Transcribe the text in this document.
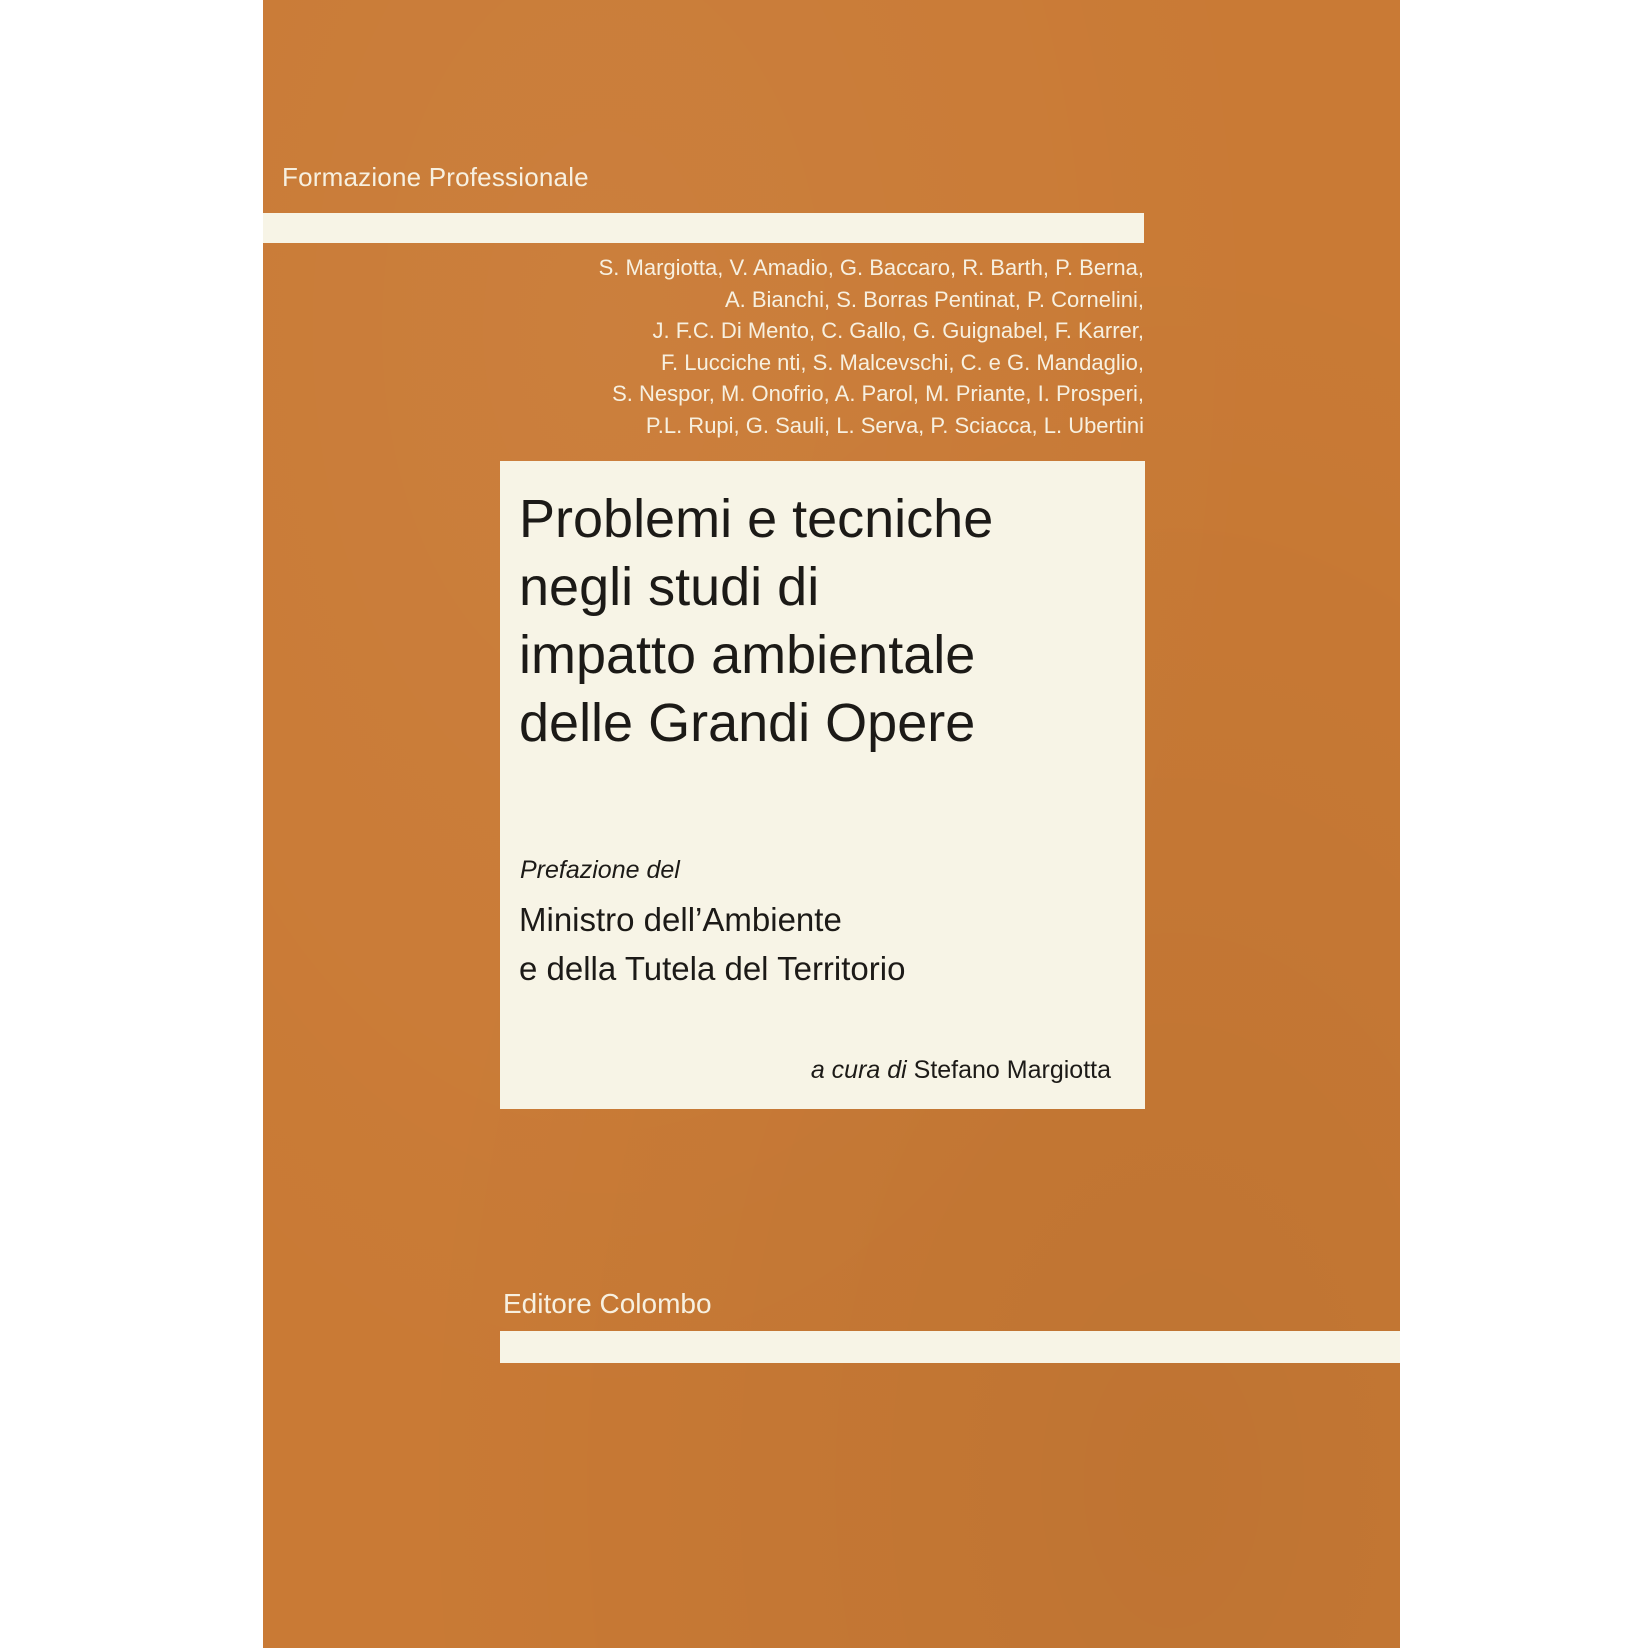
Formazione Professionale
S. Margiotta, V. Amadio, G. Baccaro, R. Barth, P. Berna,
A. Bianchi, S. Borras Pentinat, P. Cornelini,
J. F.C. Di Mento, C. Gallo, G. Guignabel, F. Karrer,
F. Lucciche nti, S. Malcevschi, C. e G. Mandaglio,
S. Nespor, M. Onofrio, A. Parol, M. Priante, I. Prosperi,
P.L. Rupi, G. Sauli, L. Serva, P. Sciacca, L. Ubertini
Problemi e tecniche
negli studi di
impatto ambientale
delle Grandi Opere
Prefazione del
Ministro dell’Ambiente
e della Tutela del Territorio
a cura di Stefano Margiotta
Editore Colombo
